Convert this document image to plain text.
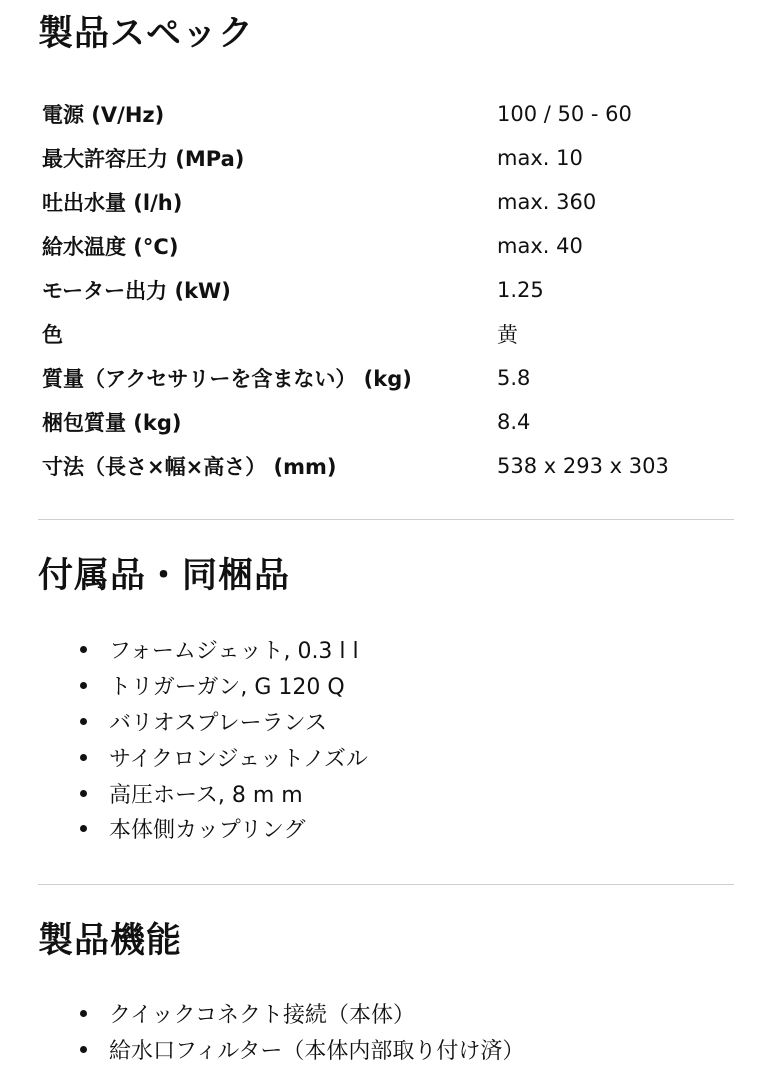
製品スペック
電源 (V/Hz)	100 / 50 - 60
最大許容圧力 (MPa)	max. 10
吐出水量 (l/h)	max. 360
給水温度 (°C)	max. 40
モーター出力 (kW)	1.25
色	黄
質量（アクセサリーを含まない） (kg)	5.8
梱包質量 (kg)	8.4
寸法（長さ×幅×高さ） (mm)	538 x 293 x 303
付属品・同梱品
フォームジェット, 0.3 l l
トリガーガン, G 120 Q
バリオスプレーランス
サイクロンジェットノズル
高圧ホース, 8 m m
本体側カップリング
製品機能
クイックコネクト接続（本体）
給水口フィルター（本体内部取り付け済）
